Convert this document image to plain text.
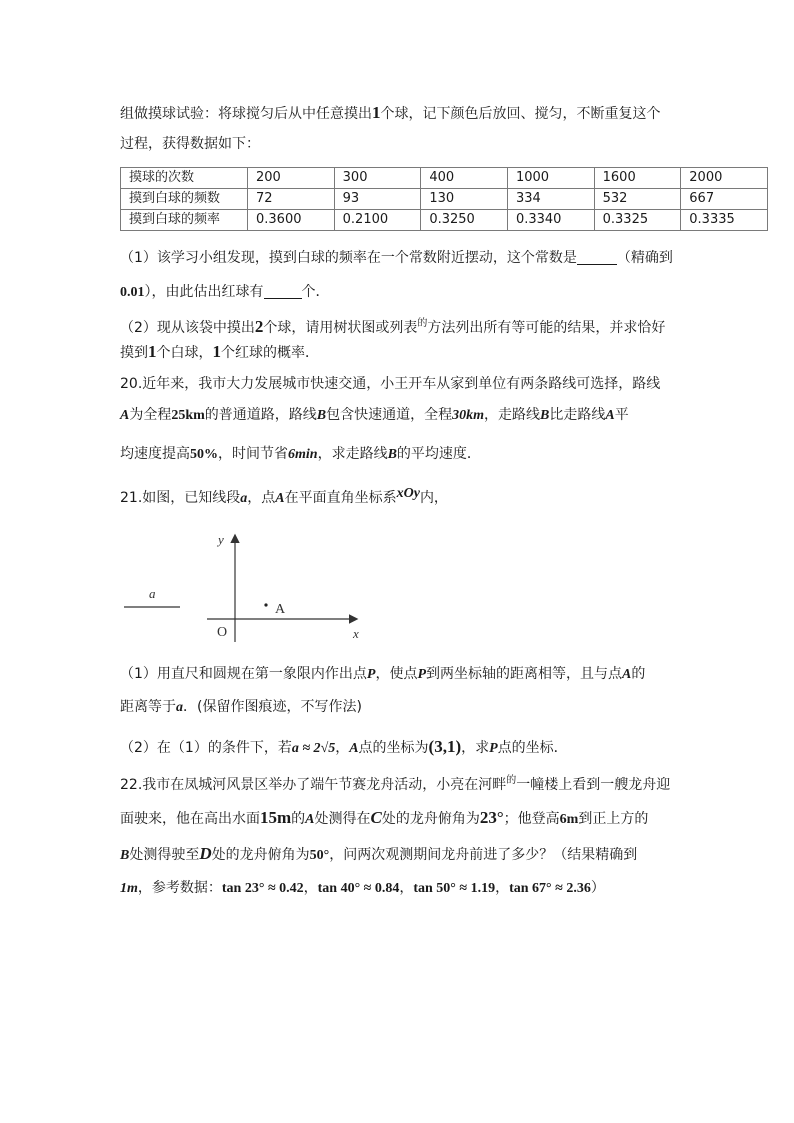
组做摸球试验：将球搅匀后从中任意摸出1个球，记下颜色后放回、搅匀，不断重复这个
过程，获得数据如下：
摸球的次数	200	300	400	1000	1600	2000
摸到白球的频数	72	93	130	334	532	667
摸到白球的频率	0.3600	0.2100	0.3250	0.3340	0.3325	0.3335
（1）该学习小组发现，摸到白球的频率在一个常数附近摆动，这个常数是	（精确到
0.01），由此估出红球有	个．
（2）现从该袋中摸出2个球，请用树状图或列表$^的$方法列出所有等可能的结果，并求恰好
摸到1个白球，1个红球的概率．
20.近年来，我市大力发展城市快速交通，小王开车从家到单位有两条路线可选择，路线
A为全程25km的普通道路，路线B包含快速通道，全程30km，走路线B比走路线A平
均速度提高50%，时间节省6min，求走路线B的平均速度．
21.如图，已知线段a，点A在平面直角坐标系xOy内，
y
x
O
A
a
（1）用直尺和圆规在第一象限内作出点P，使点P到两坐标轴的距离相等，且与点A的
距离等于a．(保留作图痕迹，不写作法)
（2）在（1）的条件下，若a ≈ 2√5，A点的坐标为(3,1)，求P点的坐标．
22.我市在凤城河风景区举办了端午节赛龙舟活动，小亮在河畔$^的$一幢楼上看到一艘龙舟迎
面驶来，他在高出水面15m的A处测得在C处的龙舟俯角为23°；他登高6m到正上方的
B处测得驶至D处的龙舟俯角为50°，问两次观测期间龙舟前进了多少？（结果精确到
1m，参考数据：tan 23° ≈ 0.42，tan 40° ≈ 0.84，tan 50° ≈ 1.19，tan 67° ≈ 2.36）
